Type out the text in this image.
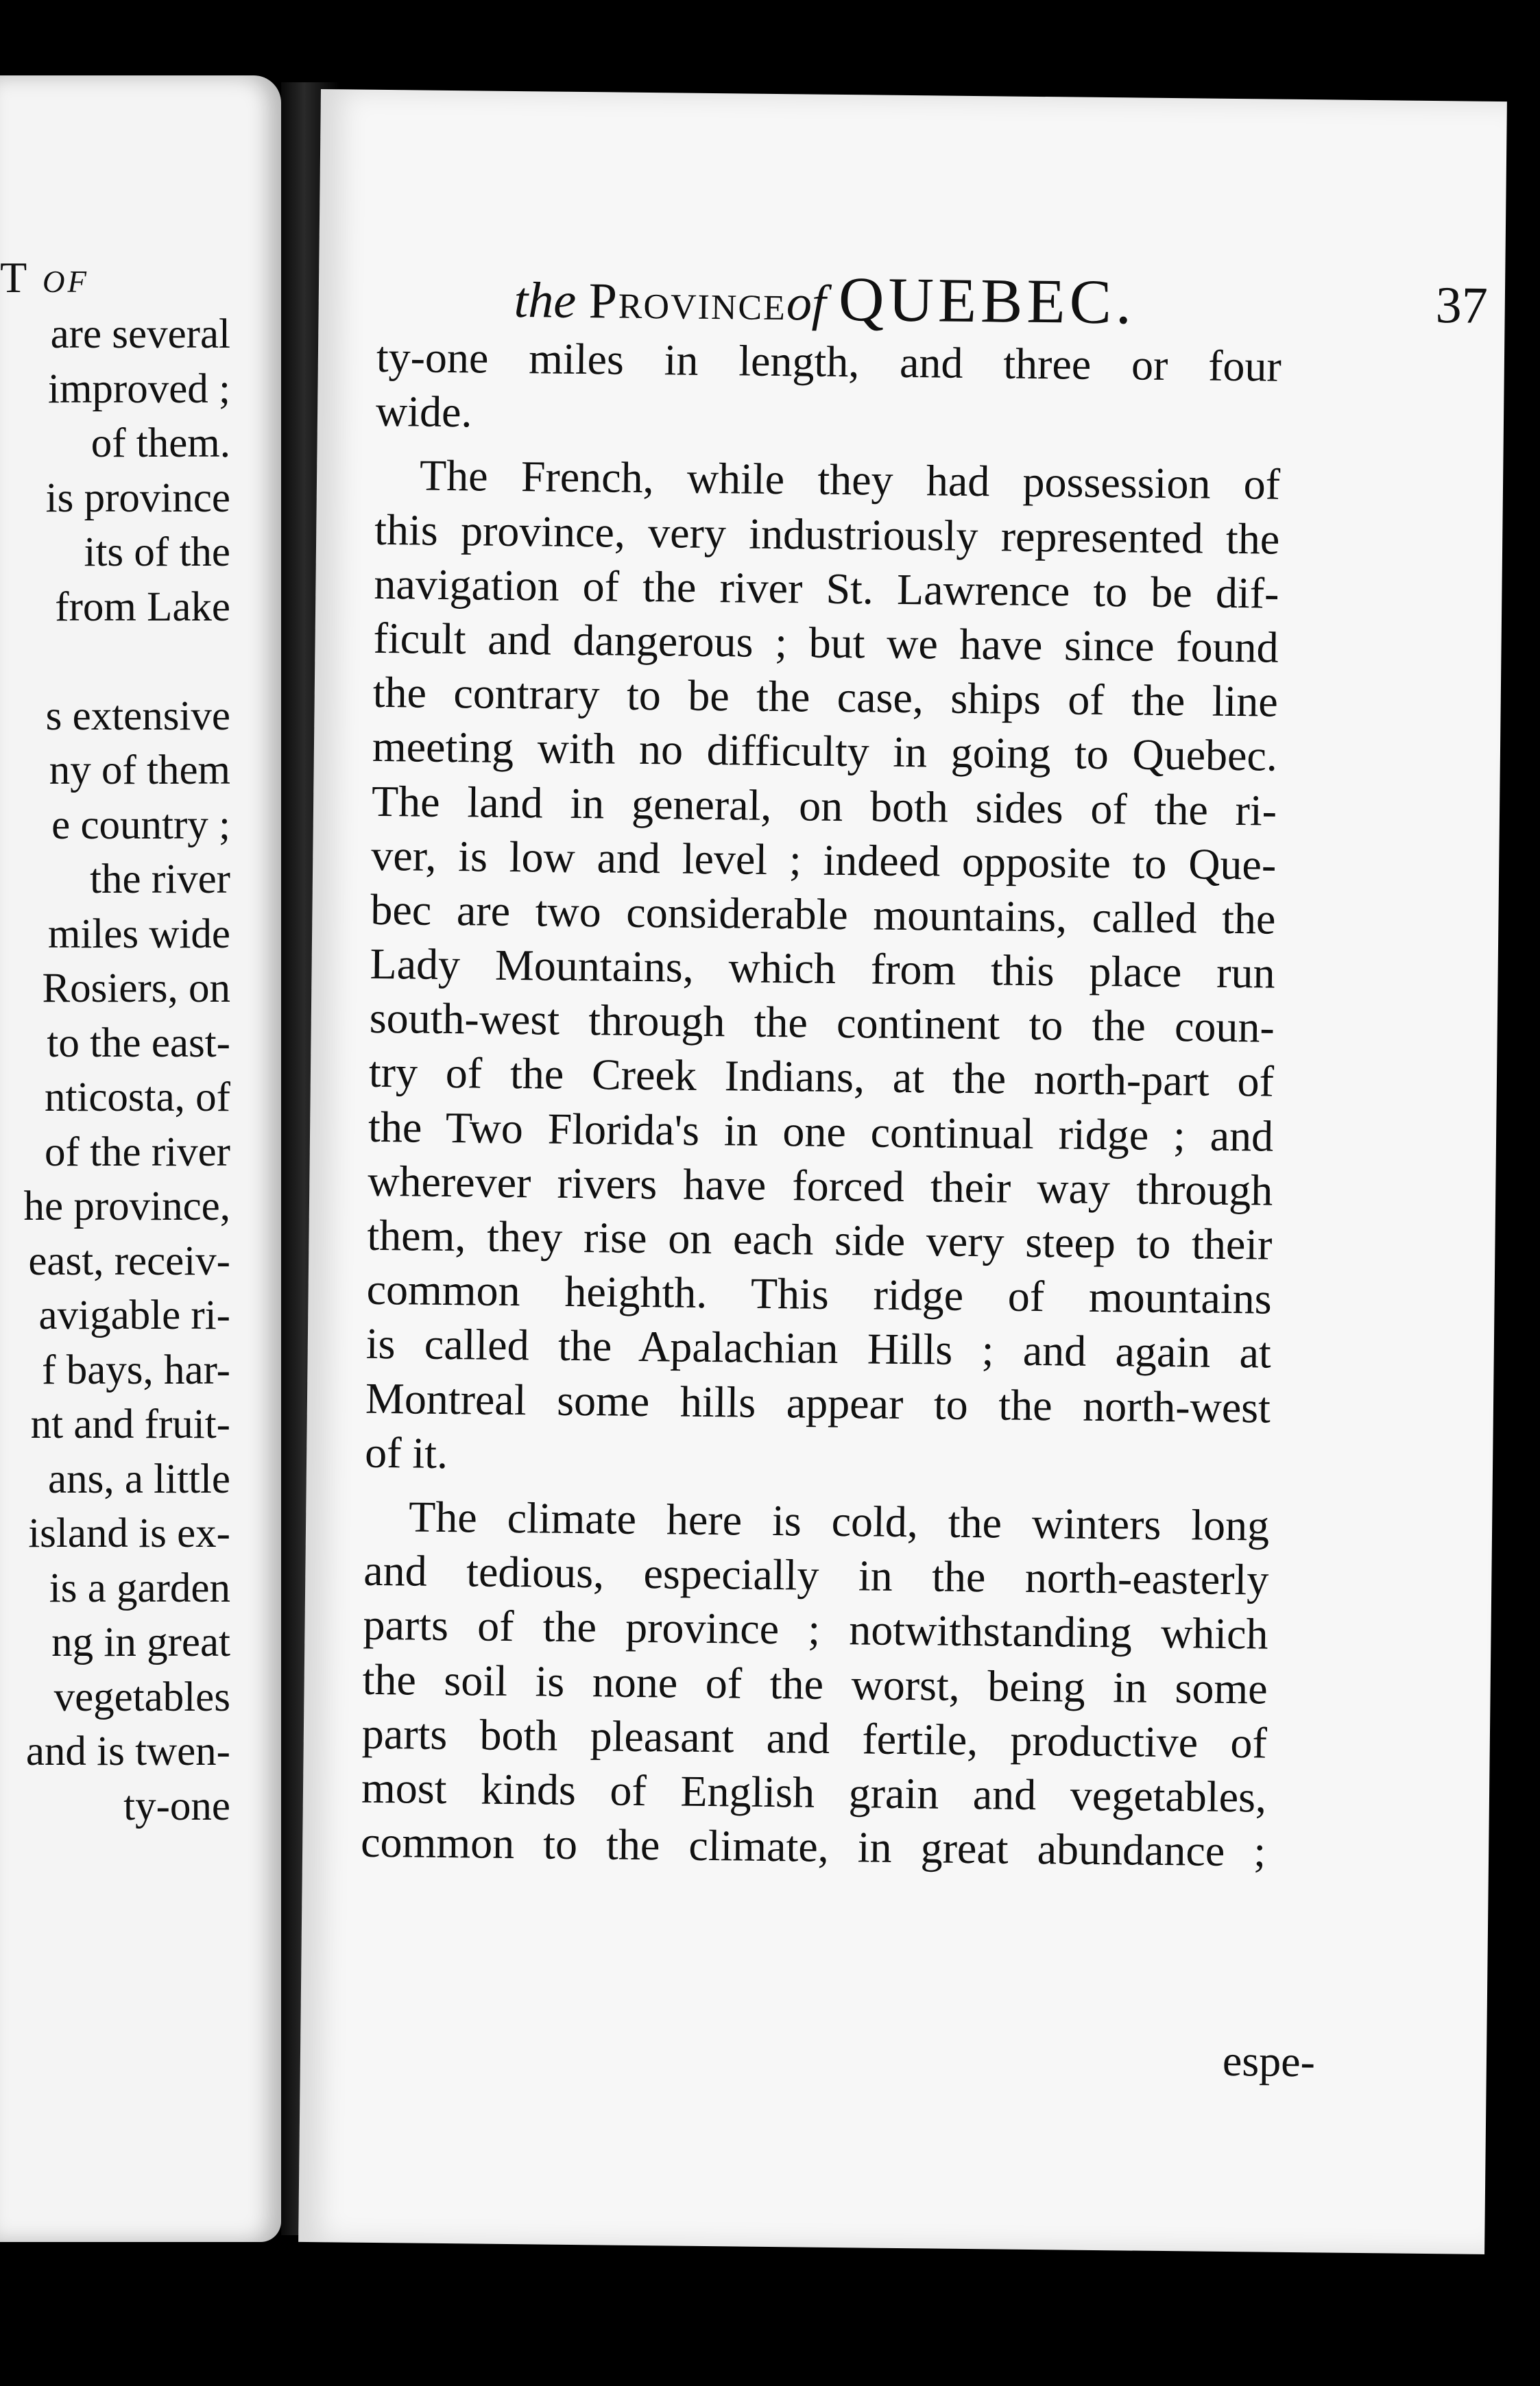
T of
are several
improved ;
of them.
is province
its of the
from Lake
s extensive
ny of them
e country ;
the river
miles wide
Rosiers, on
to the east-
nticosta, of
of the river
he province,
east, receiv-
avigable ri-
f bays, har-
nt and fruit-
ans, a little
island is ex-
is a garden
ng in great
vegetables
and is twen-
ty-one
the Provinceof QUEBEC.	37
ty-one miles in length, and three or four
wide.
The French, while they had possession of
this province, very industriously represented the
navigation of the river St. Lawrence to be dif-
ficult and dangerous ; but we have since found
the contrary to be the case, ships of the line
meeting with no difficulty in going to Quebec.
The land in general, on both sides of the ri-
ver, is low and level ; indeed opposite to Que-
bec are two considerable mountains, called the
Lady Mountains, which from this place run
south-west through the continent to the coun-
try of the Creek Indians, at the north-part of
the Two Florida's in one continual ridge ; and
wherever rivers have forced their way through
them, they rise on each side very steep to their
common heighth. This ridge of mountains
is called the Apalachian Hills ; and again at
Montreal some hills appear to the north-west
of it.
The climate here is cold, the winters long
and tedious, especially in the north-easterly
parts of the province ; notwithstanding which
the soil is none of the worst, being in some
parts both pleasant and fertile, productive of
most kinds of English grain and vegetables,
common to the climate, in great abundance ;
espe-
